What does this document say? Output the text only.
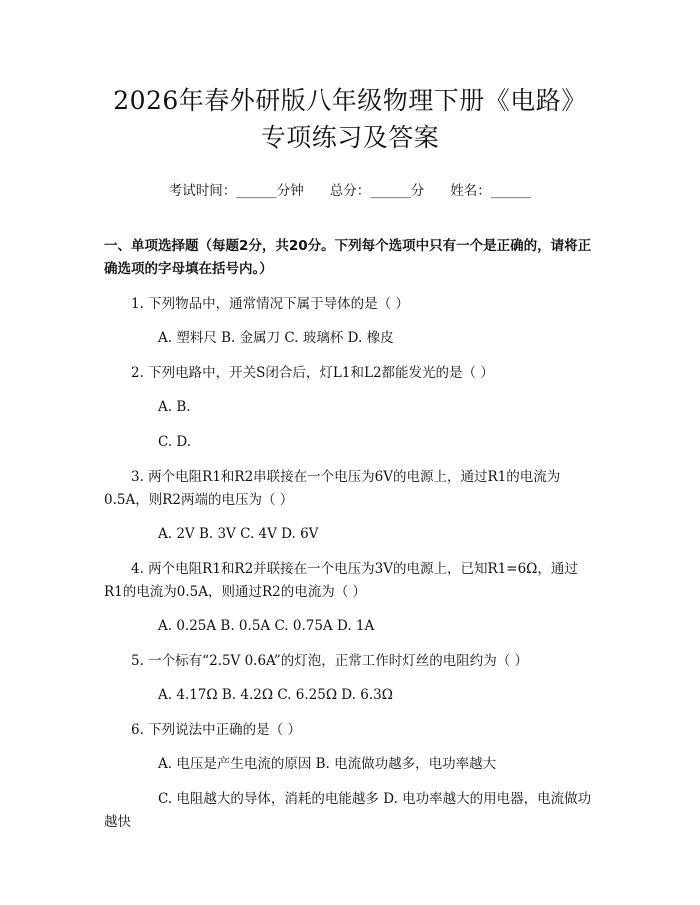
2026年春外研版八年级物理下册《电路》专项练习及答案
考试时间：______分钟 总分：______分 姓名：______
一、单项选择题（每题2分，共20分。下列每个选项中只有一个是正确的，请将正确选项的字母填在括号内。）
1. 下列物品中，通常情况下属于导体的是（ ）
A. 塑料尺 B. 金属刀 C. 玻璃杯 D. 橡皮
2. 下列电路中，开关S闭合后，灯L1和L2都能发光的是（ ）
A. B.
C. D.
3. 两个电阻R1和R2串联接在一个电压为6V的电源上，通过R1的电流为0.5A，则R2两端的电压为（ ）
A. 2V B. 3V C. 4V D. 6V
4. 两个电阻R1和R2并联接在一个电压为3V的电源上，已知R1=6Ω，通过R1的电流为0.5A，则通过R2的电流为（ ）
A. 0.25A B. 0.5A C. 0.75A D. 1A
5. 一个标有“2.5V 0.6A”的灯泡，正常工作时灯丝的电阻约为（ ）
A. 4.17Ω B. 4.2Ω C. 6.25Ω D. 6.3Ω
6. 下列说法中正确的是（ ）
A. 电压是产生电流的原因 B. 电流做功越多，电功率越大
C. 电阻越大的导体，消耗的电能越多 D. 电功率越大的用电器，电流做功越快
